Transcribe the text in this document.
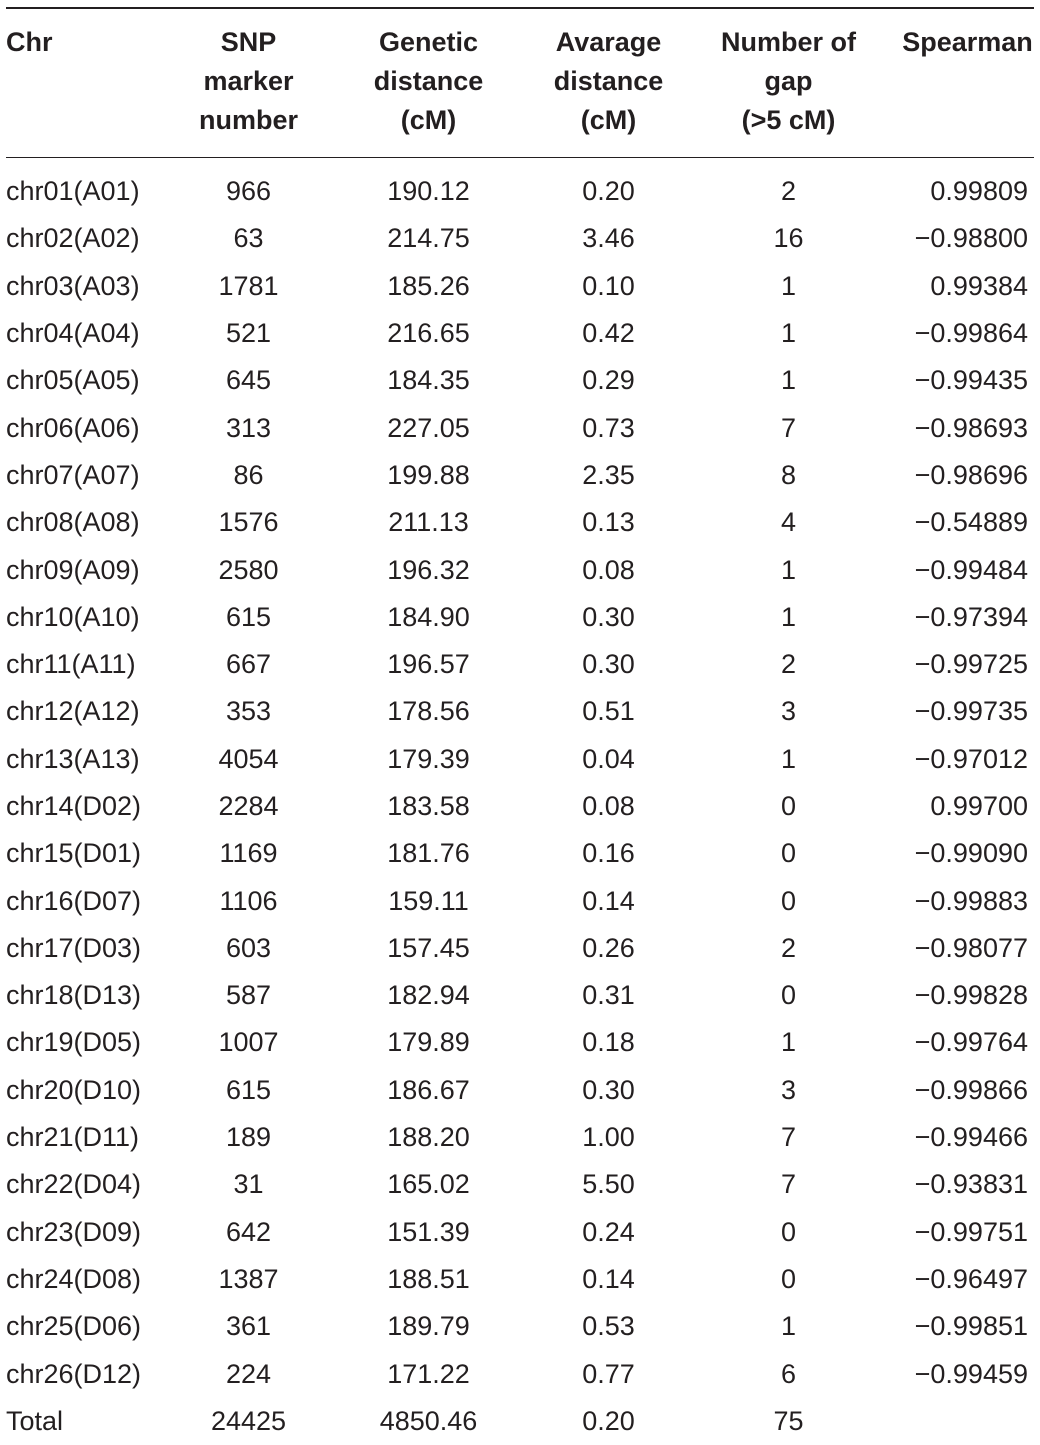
Chr	SNP
marker
number	Genetic
distance
(cM)	Avarage
distance
(cM)	Number of
gap
(>5 cM)	Spearman
chr01(A01)	966	190.12	0.20	2	0.99809
chr02(A02)	63	214.75	3.46	16	−0.98800
chr03(A03)	1781	185.26	0.10	1	0.99384
chr04(A04)	521	216.65	0.42	1	−0.99864
chr05(A05)	645	184.35	0.29	1	−0.99435
chr06(A06)	313	227.05	0.73	7	−0.98693
chr07(A07)	86	199.88	2.35	8	−0.98696
chr08(A08)	1576	211.13	0.13	4	−0.54889
chr09(A09)	2580	196.32	0.08	1	−0.99484
chr10(A10)	615	184.90	0.30	1	−0.97394
chr11(A11)	667	196.57	0.30	2	−0.99725
chr12(A12)	353	178.56	0.51	3	−0.99735
chr13(A13)	4054	179.39	0.04	1	−0.97012
chr14(D02)	2284	183.58	0.08	0	0.99700
chr15(D01)	1169	181.76	0.16	0	−0.99090
chr16(D07)	1106	159.11	0.14	0	−0.99883
chr17(D03)	603	157.45	0.26	2	−0.98077
chr18(D13)	587	182.94	0.31	0	−0.99828
chr19(D05)	1007	179.89	0.18	1	−0.99764
chr20(D10)	615	186.67	0.30	3	−0.99866
chr21(D11)	189	188.20	1.00	7	−0.99466
chr22(D04)	31	165.02	5.50	7	−0.93831
chr23(D09)	642	151.39	0.24	0	−0.99751
chr24(D08)	1387	188.51	0.14	0	−0.96497
chr25(D06)	361	189.79	0.53	1	−0.99851
chr26(D12)	224	171.22	0.77	6	−0.99459
Total	24425	4850.46	0.20	75	
